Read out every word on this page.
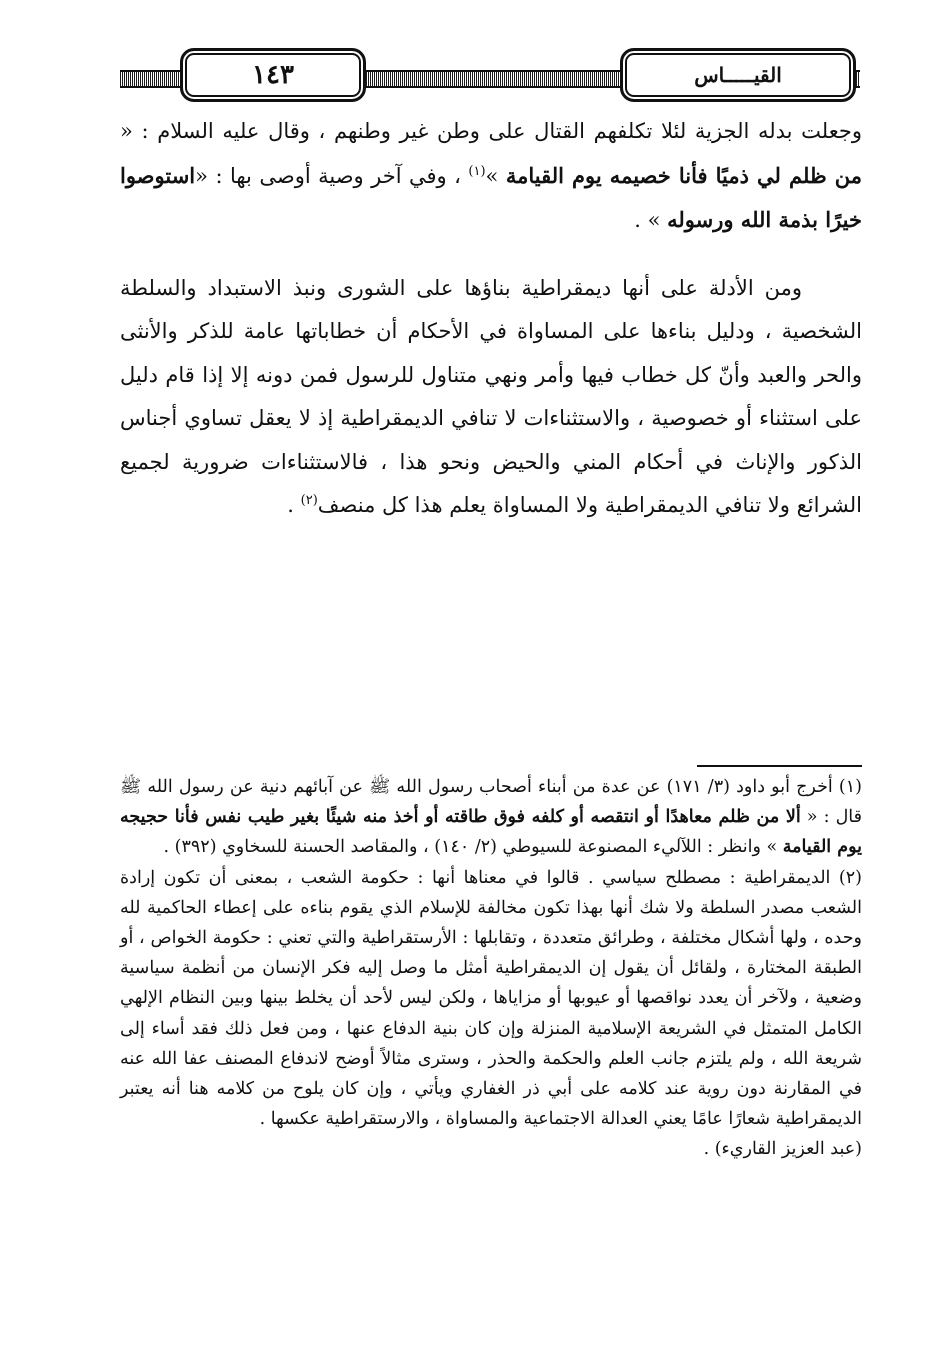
١٤٣	القيـــــاس

وجعلت بدله الجزية لئلا تكلفهم القتال على وطن غير وطنهم ، وقال عليه السلام : « من ظلم لي ذميًا فأنا خصيمه يوم القيامة »$^{(١)}$ ، وفي آخر وصية أوصى بها : «استوصوا خيرًا بذمة الله ورسوله » .

ومن الأدلة على أنها ديمقراطية بناؤها على الشورى ونبذ الاستبداد والسلطة الشخصية ، ودليل بناءها على المساواة في الأحكام أن خطاباتها عامة للذكر والأنثى والحر والعبد وأنّ كل خطاب فيها وأمر ونهي متناول للرسول فمن دونه إلا إذا قام دليل على استثناء أو خصوصية ، والاستثناءات لا تنافي الديمقراطية إذ لا يعقل تساوي أجناس الذكور والإناث في أحكام المني والحيض ونحو هذا ، فالاستثناءات ضرورية لجميع الشرائع ولا تنافي الديمقراطية ولا المساواة يعلم هذا كل منصف$^{(٢)}$ .

(١) أخرج أبو داود (٣/ ١٧١) عن عدة من أبناء أصحاب رسول الله ﷺ عن آبائهم دنية عن رسول الله ﷺ قال : « ألا من ظلم معاهدًا أو انتقصه أو كلفه فوق طاقته أو أخذ منه شيئًا بغير طيب نفس فأنا حجيجه يوم القيامة » وانظر : اللآليء المصنوعة للسيوطي (٢/ ١٤٠) ، والمقاصد الحسنة للسخاوي (٣٩٢) .

(٢) الديمقراطية : مصطلح سياسي . قالوا في معناها أنها : حكومة الشعب ، بمعنى أن تكون إرادة الشعب مصدر السلطة ولا شك أنها بهذا تكون مخالفة للإسلام الذي يقوم بناءه على إعطاء الحاكمية لله وحده ، ولها أشكال مختلفة ، وطرائق متعددة ، وتقابلها : الأرستقراطية والتي تعني : حكومة الخواص ، أو الطبقة المختارة ، ولقائل أن يقول إن الديمقراطية أمثل ما وصل إليه فكر الإنسان من أنظمة سياسية وضعية ، ولآخر أن يعدد نواقصها أو عيوبها أو مزاياها ، ولكن ليس لأحد أن يخلط بينها وبين النظام الإلهي الكامل المتمثل في الشريعة الإسلامية المنزلة وإن كان بنية الدفاع عنها ، ومن فعل ذلك فقد أساء إلى شريعة الله ، ولم يلتزم جانب العلم والحكمة والحذر ، وسترى مثالاً أوضح لاندفاع المصنف عفا الله عنه في المقارنة دون روية عند كلامه على أبي ذر الغفاري ويأتي ، وإن كان يلوح من كلامه هنا أنه يعتبر الديمقراطية شعارًا عامًا يعني العدالة الاجتماعية والمساواة ، والارستقراطية عكسها .

(عبد العزيز القاريء) .
